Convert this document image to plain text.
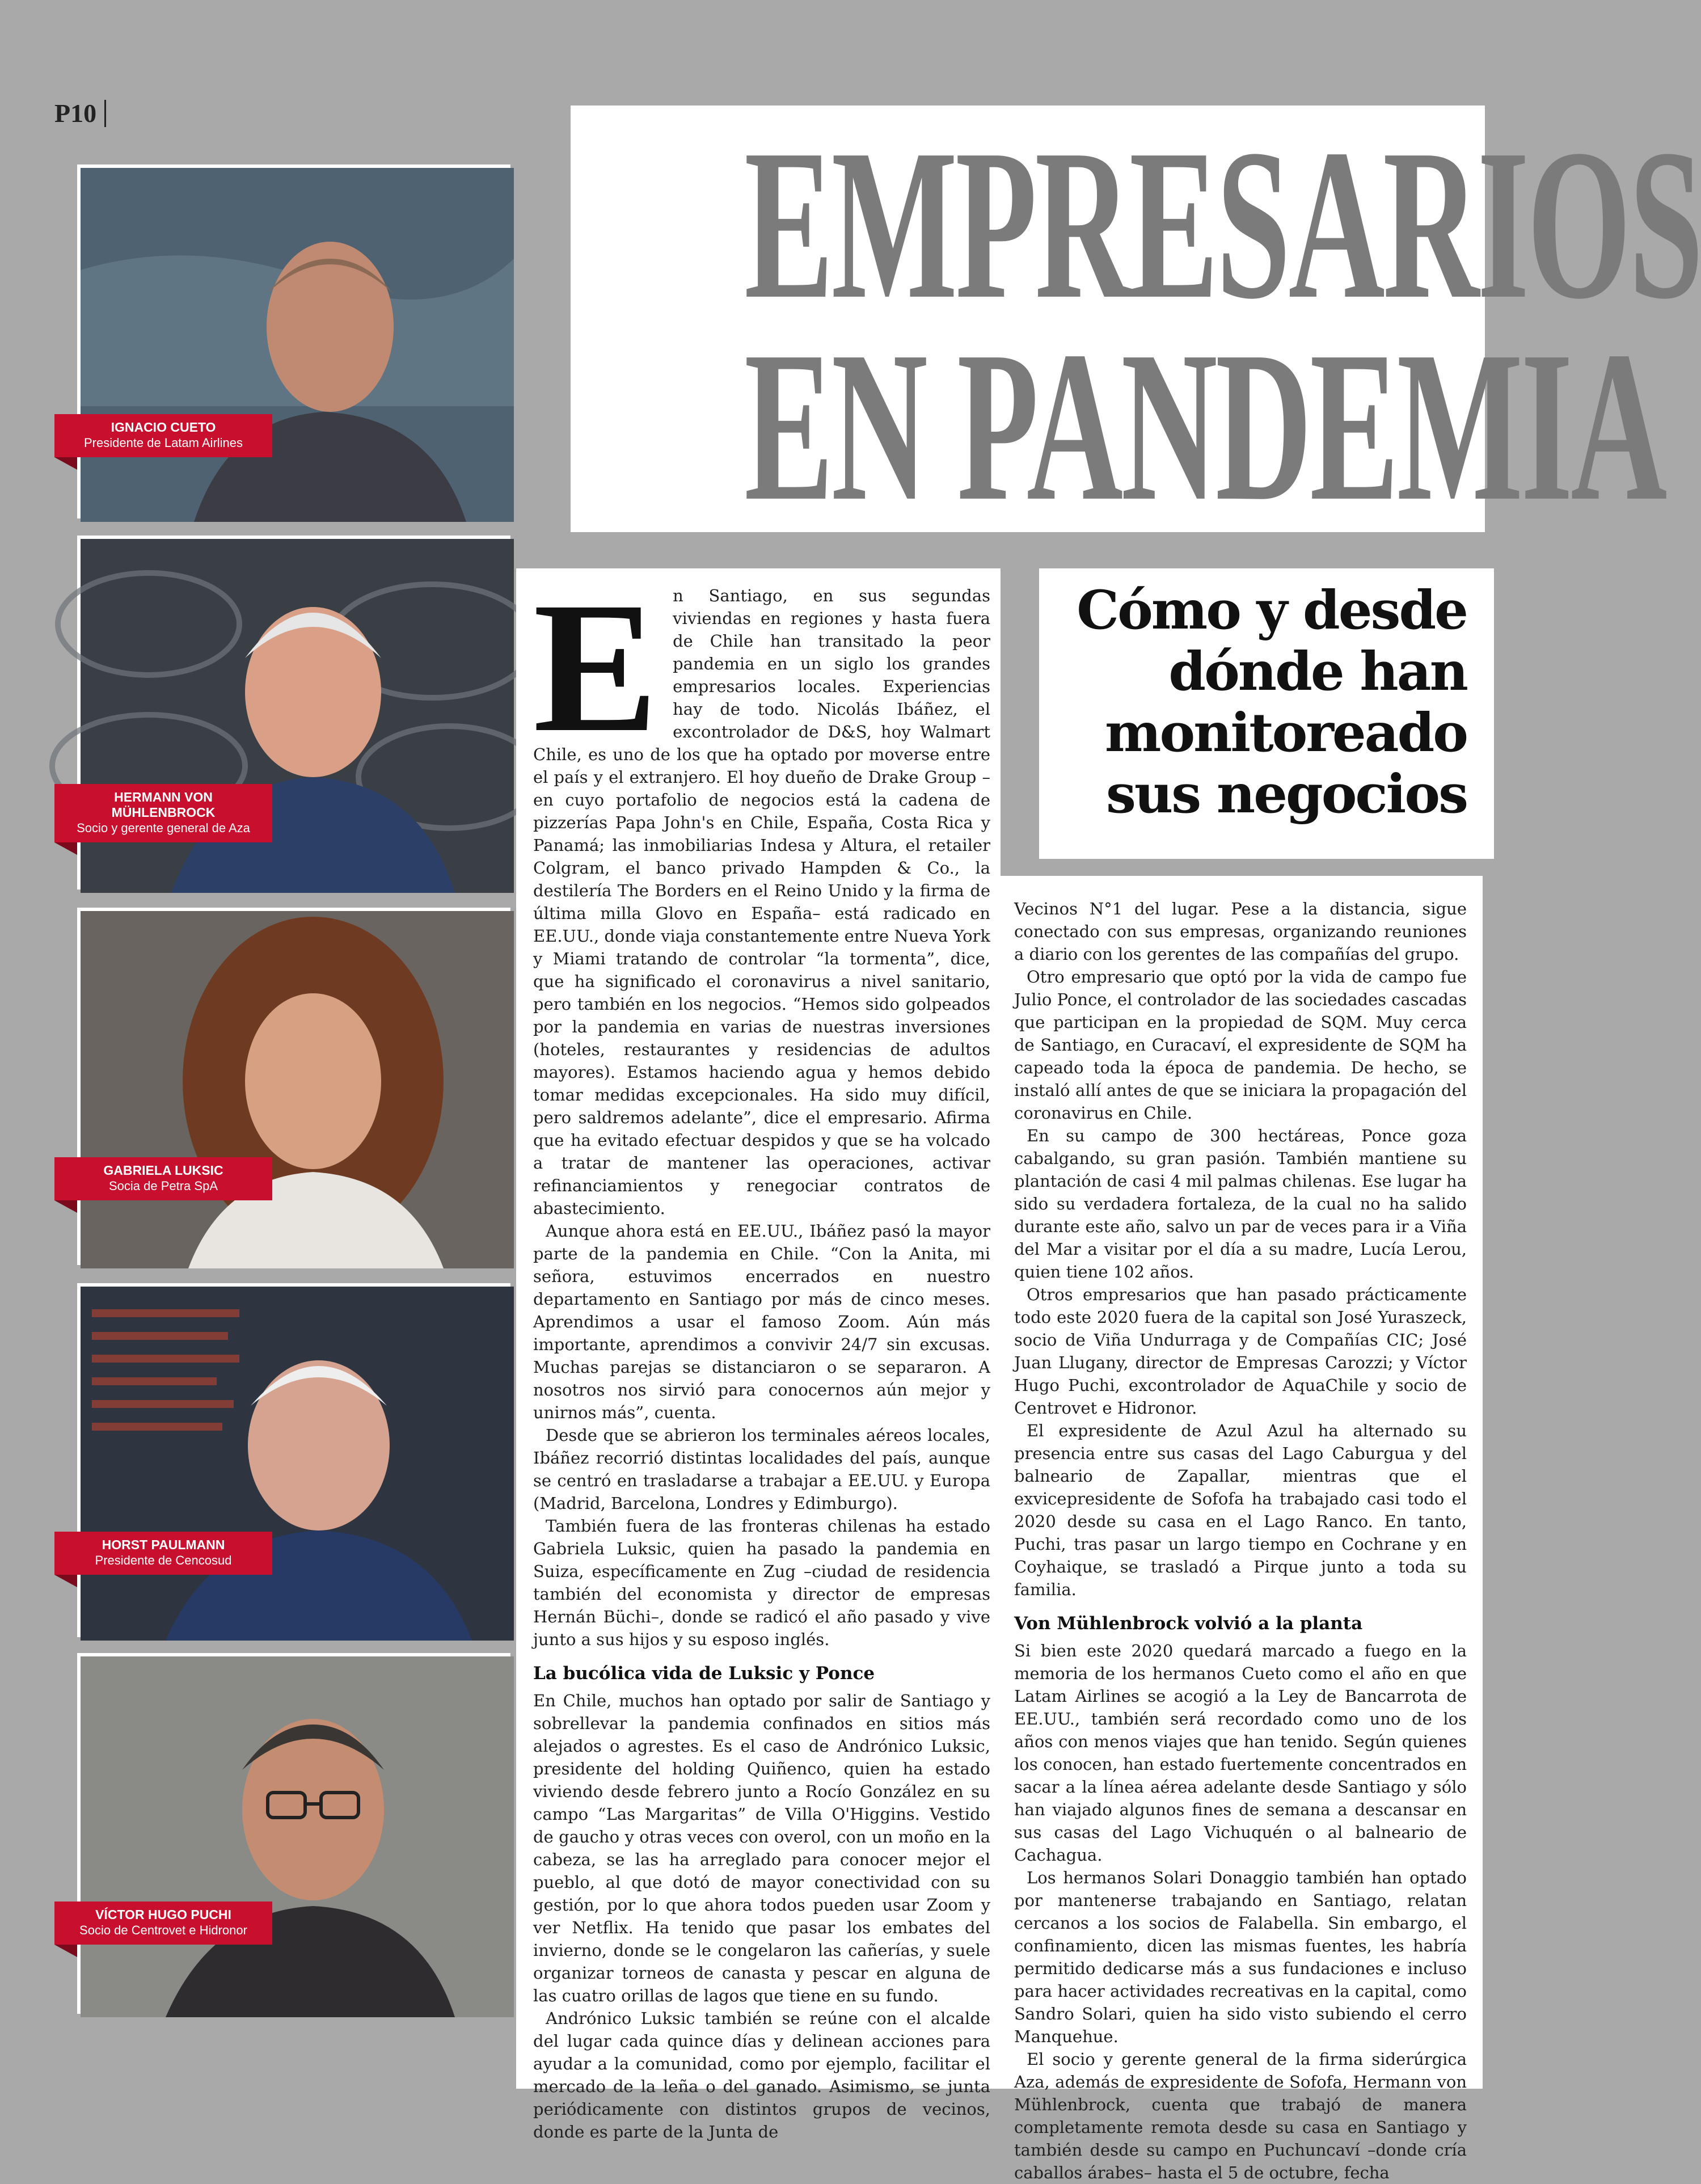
P10	EMPRESARIOS
EN PANDEMIA
Cómo y desde dónde han monitoreado sus negocios
IGNACIO CUETO
Presidente de Latam Airlines
HERMANN VON MÜHLENBROCK
Socio y gerente general de Aza
GABRIELA LUKSIC
Socia de Petra SpA
HORST PAULMANN
Presidente de Cencosud
VÍCTOR HUGO PUCHI
Socio de Centrovet e Hidronor
E n Santiago, en sus segundas viviendas en regiones y hasta fuera de Chile han transitado la peor pandemia en un siglo los grandes empresarios locales. Experiencias hay de todo. Nicolás Ibáñez, el excontrolador de D&S, hoy Walmart Chile, es uno de los que ha optado por moverse entre el país y el extranjero. El hoy dueño de Drake Group –en cuyo portafolio de negocios está la cadena de pizzerías Papa John's en Chile, España, Costa Rica y Panamá; las inmobiliarias Indesa y Altura, el retailer Colgram, el banco privado Hampden & Co., la destilería The Borders en el Reino Unido y la firma de última milla Glovo en España– está radicado en EE.UU., donde viaja constantemente entre Nueva York y Miami tratando de controlar “la tormenta”, dice, que ha significado el coronavirus a nivel sanitario, pero también en los negocios. “Hemos sido golpeados por la pandemia en varias de nuestras inversiones (hoteles, restaurantes y residencias de adultos mayores). Estamos haciendo agua y hemos debido tomar medidas excepcionales. Ha sido muy difícil, pero saldremos adelante”, dice el empresario. Afirma que ha evitado efectuar despidos y que se ha volcado a tratar de mantener las operaciones, activar refinanciamientos y renegociar contratos de abastecimiento.

Aunque ahora está en EE.UU., Ibáñez pasó la mayor parte de la pandemia en Chile. “Con la Anita, mi señora, estuvimos encerrados en nuestro departamento en Santiago por más de cinco meses. Aprendimos a usar el famoso Zoom. Aún más importante, aprendimos a convivir 24/7 sin excusas. Muchas parejas se distanciaron o se separaron. A nosotros nos sirvió para conocernos aún mejor y unirnos más”, cuenta.

Desde que se abrieron los terminales aéreos locales, Ibáñez recorrió distintas localidades del país, aunque se centró en trasladarse a trabajar a EE.UU. y Europa (Madrid, Barcelona, Londres y Edimburgo).

También fuera de las fronteras chilenas ha estado Gabriela Luksic, quien ha pasado la pandemia en Suiza, específicamente en Zug –ciudad de residencia también del economista y director de empresas Hernán Büchi–, donde se radicó el año pasado y vive junto a sus hijos y su esposo inglés.

La bucólica vida de Luksic y Ponce

En Chile, muchos han optado por salir de Santiago y sobrellevar la pandemia confinados en sitios más alejados o agrestes. Es el caso de Andrónico Luksic, presidente del holding Quiñenco, quien ha estado viviendo desde febrero junto a Rocío González en su campo “Las Margaritas” de Villa O'Higgins. Vestido de gaucho y otras veces con overol, con un moño en la cabeza, se las ha arreglado para conocer mejor el pueblo, al que dotó de mayor conectividad con su gestión, por lo que ahora todos pueden usar Zoom y ver Netflix. Ha tenido que pasar los embates del invierno, donde se le congelaron las cañerías, y suele organizar torneos de canasta y pescar en alguna de las cuatro orillas de lagos que tiene en su fundo.

Andrónico Luksic también se reúne con el alcalde del lugar cada quince días y delinean acciones para ayudar a la comunidad, como por ejemplo, facilitar el mercado de la leña o del ganado. Asimismo, se junta periódicamente con distintos grupos de vecinos, donde es parte de la Junta de

Vecinos N°1 del lugar. Pese a la distancia, sigue conectado con sus empresas, organizando reuniones a diario con los gerentes de las compañías del grupo.

Otro empresario que optó por la vida de campo fue Julio Ponce, el controlador de las sociedades cascadas que participan en la propiedad de SQM. Muy cerca de Santiago, en Curacaví, el expresidente de SQM ha capeado toda la época de pandemia. De hecho, se instaló allí antes de que se iniciara la propagación del coronavirus en Chile.

En su campo de 300 hectáreas, Ponce goza cabalgando, su gran pasión. También mantiene su plantación de casi 4 mil palmas chilenas. Ese lugar ha sido su verdadera fortaleza, de la cual no ha salido durante este año, salvo un par de veces para ir a Viña del Mar a visitar por el día a su madre, Lucía Lerou, quien tiene 102 años.

Otros empresarios que han pasado prácticamente todo este 2020 fuera de la capital son José Yuraszeck, socio de Viña Undurraga y de Compañías CIC; José Juan Llugany, director de Empresas Carozzi; y Víctor Hugo Puchi, excontrolador de AquaChile y socio de Centrovet e Hidronor.

El expresidente de Azul Azul ha alternado su presencia entre sus casas del Lago Caburgua y del balneario de Zapallar, mientras que el exvicepresidente de Sofofa ha trabajado casi todo el 2020 desde su casa en el Lago Ranco. En tanto, Puchi, tras pasar un largo tiempo en Cochrane y en Coyhaique, se trasladó a Pirque junto a toda su familia.

Von Mühlenbrock volvió a la planta

Si bien este 2020 quedará marcado a fuego en la memoria de los hermanos Cueto como el año en que Latam Airlines se acogió a la Ley de Bancarrota de EE.UU., también será recordado como uno de los años con menos viajes que han tenido. Según quienes los conocen, han estado fuertemente concentrados en sacar a la línea aérea adelante desde Santiago y sólo han viajado algunos fines de semana a descansar en sus casas del Lago Vichuquén o al balneario de Cachagua.

Los hermanos Solari Donaggio también han optado por mantenerse trabajando en Santiago, relatan cercanos a los socios de Falabella. Sin embargo, el confinamiento, dicen las mismas fuentes, les habría permitido dedicarse más a sus fundaciones e incluso para hacer actividades recreativas en la capital, como Sandro Solari, quien ha sido visto subiendo el cerro Manquehue.

El socio y gerente general de la firma siderúrgica Aza, además de expresidente de Sofofa, Hermann von Mühlenbrock, cuenta que trabajó de manera completamente remota desde su casa en Santiago y también desde su campo en Puchuncaví –donde cría caballos árabes– hasta el 5 de octubre, fecha
